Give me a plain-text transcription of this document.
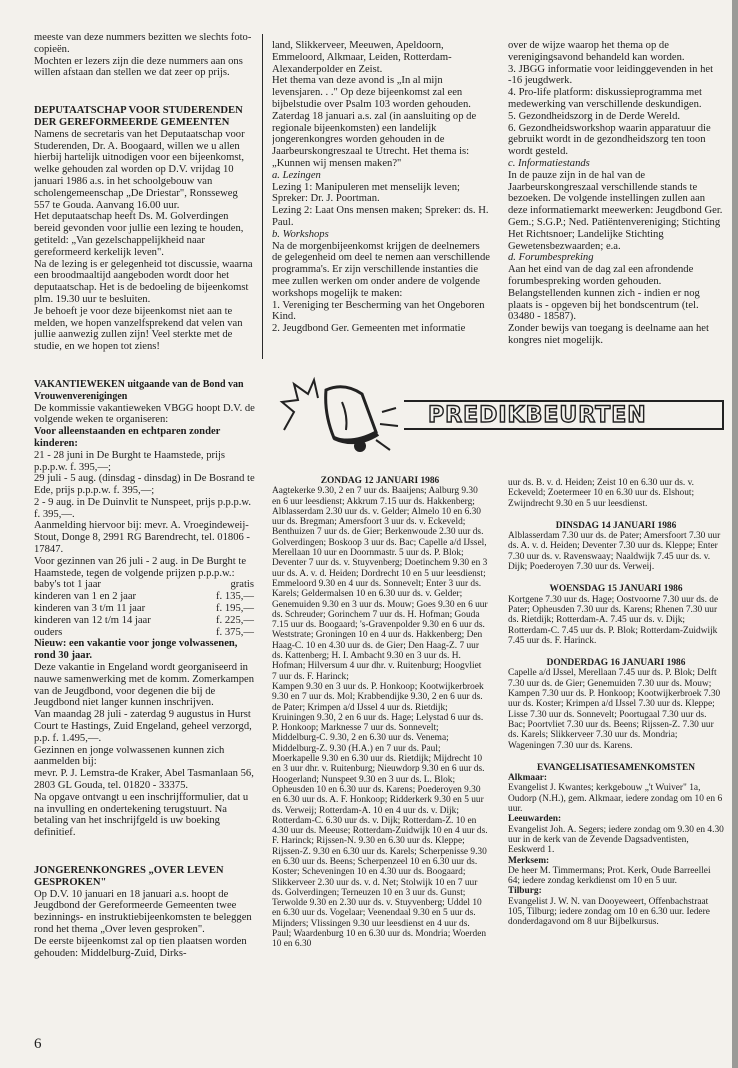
meeste van deze nummers bezitten we slechts foto-copieën.

Mochten er lezers zijn die deze nummers aan ons willen afstaan dan stellen we dat zeer op prijs.

DEPUTAATSCHAP VOOR STUDERENDEN DER GEREFORMEERDE GEMEENTEN

Namens de secretaris van het Deputaatschap voor Studerenden, Dr. A. Boogaard, willen we u allen hierbij hartelijk uitnodigen voor een bijeenkomst, welke gehouden zal worden op D.V. vrijdag 10 januari 1986 a.s. in het schoolgebouw van scholengemeenschap „De Driestar", Ronsseweg 557 te Gouda. Aanvang 16.00 uur.

Het deputaatschap heeft Ds. M. Golverdingen bereid gevonden voor jullie een lezing te houden, getiteld: „Van gezelschappelijkheid naar gereformeerd kerkelijk leven".

Na de lezing is er gelegenheid tot discussie, waarna een broodmaaltijd aangeboden wordt door het deputaatschap. Het is de bedoeling de bijeenkomst plm. 19.30 uur te besluiten.

Je behoeft je voor deze bijeenkomst niet aan te melden, we hopen vanzelfsprekend dat velen van jullie aanwezig zullen zijn! Veel sterkte met de studie, en we hopen tot ziens!

VAKANTIEWEKEN uitgaande van de Bond van Vrouwenverenigingen

De kommissie vakantieweken VBGG hoopt D.V. de volgende weken te organiseren:

Voor alleenstaanden en echtparen zonder kinderen:

21 - 28 juni in De Burght te Haamstede, prijs p.p.p.w. f. 395,—;

29 juli - 5 aug. (dinsdag - dinsdag) in De Bosrand te Ede, prijs p.p.p.w. f. 395,—;

2 - 9 aug. in De Duinvlit te Nunspeet, prijs p.p.p.w. f. 395,—.

Aanmelding hiervoor bij: mevr. A. Vroegindeweij-Stout, Donge 8, 2991 RG Barendrecht, tel. 01806 - 17847.

Voor gezinnen van 26 juli - 2 aug. in De Burght te Haamstede, tegen de volgende prijzen p.p.p.w.:

baby's tot 1 jaar	gratis
kinderen van 1 en 2 jaar	f. 135,—
kinderen van 3 t/m 11 jaar	f. 195,—
kinderen van 12 t/m 14 jaar	f. 225,—
ouders	f. 375,—

Nieuw: een vakantie voor jonge volwassenen, rond 30 jaar.

Deze vakantie in Engeland wordt georganiseerd in nauwe samenwerking met de komm. Zomerkampen van de Jeugdbond, voor degenen die bij de Jeugdbond niet langer kunnen inschrijven.

Van maandag 28 juli - zaterdag 9 augustus in Hurst Court te Hastings, Zuid Engeland, geheel verzorgd, p.p. f. 1.495,—.

Gezinnen en jonge volwassenen kunnen zich aanmelden bij:

mevr. P. J. Lemstra-de Kraker, Abel Tasmanlaan 56, 2803 GL Gouda, tel. 01820 - 33375.

Na opgave ontvangt u een inschrijfformulier, dat u na invulling en ondertekening terugstuurt. Na betaling van het inschrijfgeld is uw boeking definitief.

JONGERENKONGRES „OVER LEVEN GESPROKEN"

Op D.V. 10 januari en 18 januari a.s. hoopt de Jeugdbond der Gereformeerde Gemeenten twee bezinnings- en instruktiebijeenkomsten te beleggen rond het thema „Over leven gesproken".

De eerste bijeenkomst zal op tien plaatsen worden gehouden: Middelburg-Zuid, Dirks-

land, Slikkerveer, Meeuwen, Apeldoorn, Emmeloord, Alkmaar, Leiden, Rotterdam-Alexanderpolder en Zeist.

Het thema van deze avond is „In al mijn levensjaren. . ." Op deze bijeenkomst zal een bijbelstudie over Psalm 103 worden gehouden.

Zaterdag 18 januari a.s. zal (in aansluiting op de regionale bijeenkomsten) een landelijk jongerenkongres worden gehouden in de Jaarbeurskongreszaal te Utrecht. Het thema is: „Kunnen wij mensen maken?"

a. Lezingen

Lezing 1: Manipuleren met menselijk leven; Spreker: Dr. J. Poortman.

Lezing 2: Laat Ons mensen maken; Spreker: ds. H. Paul.

b. Workshops

Na de morgenbijeenkomst krijgen de deelnemers de gelegenheid om deel te nemen aan verschillende programma's. Er zijn verschillende instanties die mee zullen werken om onder andere de volgende workshops mogelijk te maken:

1. Vereniging ter Bescherming van het Ongeboren Kind.

2. Jeugdbond Ger. Gemeenten met informatie

over de wijze waarop het thema op de verenigingsavond behandeld kan worden.

3. JBGG informatie voor leidinggevenden in het -16 jeugdwerk.

4. Pro-life platform: diskussieprogramma met medewerking van verschillende deskundigen.

5. Gezondheidszorg in de Derde Wereld.

6. Gezondheidsworkshop waarin apparatuur die gebruikt wordt in de gezondheidszorg ten toon wordt gesteld.

c. Informatiestands

In de pauze zijn in de hal van de Jaarbeurskongreszaal verschillende stands te bezoeken. De volgende instellingen zullen aan deze informatiemarkt meewerken: Jeugdbond Ger. Gem.; S.G.P.; Ned. Patiëntenvereniging; Stichting Het Richtsnoer; Landelijke Stichting Gewetensbezwaarden; e.a.

d. Forumbespreking

Aan het eind van de dag zal een afrondende forumbespreking worden gehouden.

Belangstellenden kunnen zich - indien er nog plaats is - opgeven bij het bondscentrum (tel. 03480 - 18587).

Zonder bewijs van toegang is deelname aan het kongres niet mogelijk.

PREDIKBEURTEN

ZONDAG 12 JANUARI 1986

Aagtekerke 9.30, 2 en 7 uur ds. Baaijens; Aalburg 9.30 en 6 uur leesdienst; Akkrum 7.15 uur ds. Hakkenberg; Alblasserdam 2.30 uur ds. v. Gelder; Almelo 10 en 6.30 uur ds. Bregman; Amersfoort 3 uur ds. v. Eckeveld; Benthuizen 7 uur ds. de Gier; Berkenwoude 2.30 uur ds. Golverdingen; Boskoop 3 uur ds. Bac; Capelle a/d IJssel, Merellaan 10 uur en Doornmastr. 5 uur ds. P. Blok; Deventer 7 uur ds. v. Stuyvenberg; Doetinchem 9.30 en 3 uur ds. A. v. d. Heiden; Dordrecht 10 en 5 uur leesdienst; Emmeloord 9.30 en 4 uur ds. Sonnevelt; Enter 3 uur ds. Karels; Geldermalsen 10 en 6.30 uur ds. v. Gelder; Genemuiden 9.30 en 3 uur ds. Mouw; Goes 9.30 en 6 uur ds. Schreuder; Gorinchem 7 uur ds. H. Hofman; Gouda 7.15 uur ds. Boogaard; 's-Gravenpolder 9.30 en 6 uur ds. Weststrate; Groningen 10 en 4 uur ds. Hakkenberg; Den Haag-C. 10 en 4.30 uur ds. de Gier; Den Haag-Z. 7 uur ds. Kattenberg; H. I. Ambacht 9.30 en 3 uur ds. H. Hofman; Hilversum 4 uur dhr. v. Ruitenburg; Hoogvliet 7 uur ds. F. Harinck;

Kampen 9.30 en 3 uur ds. P. Honkoop; Kootwijkerbroek 9.30 en 7 uur ds. Mol; Krabbendijke 9.30, 2 en 6 uur ds. de Pater; Krimpen a/d IJssel 4 uur ds. Rietdijk; Kruiningen 9.30, 2 en 6 uur ds. Hage; Lelystad 6 uur ds. P. Honkoop; Marknesse 7 uur ds. Sonnevelt; Middelburg-C. 9.30, 2 en 6.30 uur ds. Venema; Middelburg-Z. 9.30 (H.A.) en 7 uur ds. Paul; Moerkapelle 9.30 en 6.30 uur ds. Rietdijk; Mijdrecht 10 en 3 uur dhr. v. Ruitenburg; Nieuwdorp 9.30 en 6 uur ds. Hoogerland; Nunspeet 9.30 en 3 uur ds. L. Blok; Opheusden 10 en 6.30 uur ds. Karens; Poederoyen 9.30 en 6.30 uur ds. A. F. Honkoop; Ridderkerk 9.30 en 5 uur ds. Verweij; Rotterdam-A. 10 en 4 uur ds. v. Dijk; Rotterdam-C. 6.30 uur ds. v. Dijk; Rotterdam-Z. 10 en 4.30 uur ds. Meeuse; Rotterdam-Zuidwijk 10 en 4 uur ds. F. Harinck; Rijssen-N. 9.30 en 6.30 uur ds. Kleppe; Rijssen-Z. 9.30 en 6.30 uur ds. Karels; Scherpenisse 9.30 en 6.30 uur ds. Beens; Scherpenzeel 10 en 6.30 uur ds. Koster; Scheveningen 10 en 4.30 uur ds. Boogaard; Slikkerveer 2.30 uur ds. v. d. Net; Stolwijk 10 en 7 uur ds. Golverdingen; Terneuzen 10 en 3 uur ds. Gunst; Terwolde 9.30 en 2.30 uur ds. v. Stuyvenberg; Uddel 10 en 6.30 uur ds. Vogelaar; Veenendaal 9.30 en 5 uur ds. Mijnders; Vlissingen 9.30 uur leesdienst en 4 uur ds. Paul; Waardenburg 10 en 6.30 uur ds. Mondria; Woerden 10 en 6.30

uur ds. B. v. d. Heiden; Zeist 10 en 6.30 uur ds. v. Eckeveld; Zoetermeer 10 en 6.30 uur ds. Elshout; Zwijndrecht 9.30 en 5 uur leesdienst.

DINSDAG 14 JANUARI 1986

Alblasserdam 7.30 uur ds. de Pater; Amersfoort 7.30 uur ds. A. v. d. Heiden; Deventer 7.30 uur ds. Kleppe; Enter 7.30 uur ds. v. Ravenswaay; Naaldwijk 7.45 uur ds. v. Dijk; Poederoyen 7.30 uur ds. Verweij.

WOENSDAG 15 JANUARI 1986

Kortgene 7.30 uur ds. Hage; Oostvoorne 7.30 uur ds. de Pater; Opheusden 7.30 uur ds. Karens; Rhenen 7.30 uur ds. Rietdijk; Rotterdam-A. 7.45 uur ds. v. Dijk; Rotterdam-C. 7.45 uur ds. P. Blok; Rotterdam-Zuidwijk 7.45 uur ds. F. Harinck.

DONDERDAG 16 JANUARI 1986

Capelle a/d IJssel, Merellaan 7.45 uur ds. P. Blok; Delft 7.30 uur ds. de Gier; Genemuiden 7.30 uur ds. Mouw; Kampen 7.30 uur ds. P. Honkoop; Kootwijkerbroek 7.30 uur ds. Koster; Krimpen a/d IJssel 7.30 uur ds. Kleppe; Lisse 7.30 uur ds. Sonnevelt; Poortugaal 7.30 uur ds. Bac; Poortvliet 7.30 uur ds. Beens; Rijssen-Z. 7.30 uur ds. Karels; Slikkerveer 7.30 uur ds. Mondria; Wageningen 7.30 uur ds. Karens.

EVANGELISATIESAMENKOMSTEN

Alkmaar:

Evangelist J. Kwantes; kerkgebouw „'t Wuiver" 1a, Oudorp (N.H.), gem. Alkmaar, iedere zondag om 10 en 6 uur.

Leeuwarden:

Evangelist Joh. A. Segers; iedere zondag om 9.30 en 4.30 uur in de kerk van de Zevende Dagsadventisten, Eeskwerd 1.

Merksem:

De heer M. Timmermans; Prot. Kerk, Oude Barreellei 64; iedere zondag kerkdienst om 10 en 5 uur.

Tilburg:

Evangelist J. W. N. van Dooyeweert, Offenbachstraat 105, Tilburg; iedere zondag om 10 en 6.30 uur. Iedere donderdagavond om 8 uur Bijbelkursus.

6
